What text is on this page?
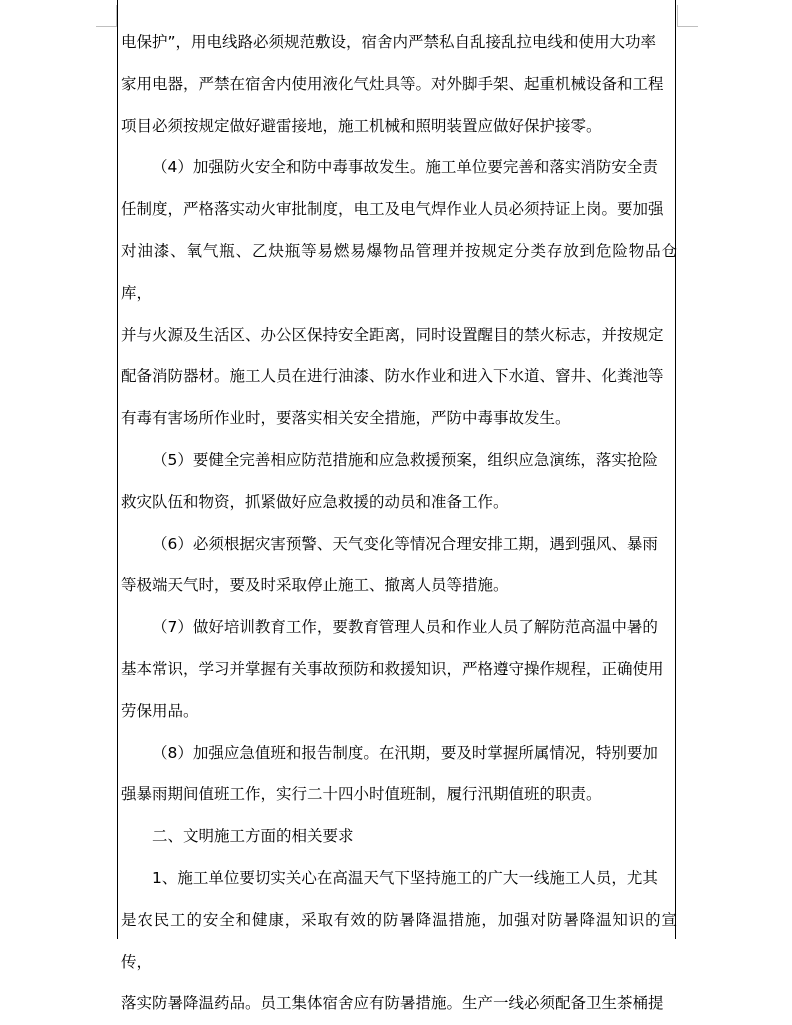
电保护”，用电线路必须规范敷设，宿舍内严禁私自乱接乱拉电线和使用大功率
家用电器，严禁在宿舍内使用液化气灶具等。对外脚手架、起重机械设备和工程
项目必须按规定做好避雷接地，施工机械和照明装置应做好保护接零。

（4）加强防火安全和防中毒事故发生。施工单位要完善和落实消防安全责
任制度，严格落实动火审批制度，电工及电气焊作业人员必须持证上岗。要加强
对油漆、氧气瓶、乙炔瓶等易燃易爆物品管理并按规定分类存放到危险物品仓库，
并与火源及生活区、办公区保持安全距离，同时设置醒目的禁火标志，并按规定
配备消防器材。施工人员在进行油漆、防水作业和进入下水道、窨井、化粪池等
有毒有害场所作业时，要落实相关安全措施，严防中毒事故发生。

（5）要健全完善相应防范措施和应急救援预案，组织应急演练，落实抢险
救灾队伍和物资，抓紧做好应急救援的动员和准备工作。

（6）必须根据灾害预警、天气变化等情况合理安排工期，遇到强风、暴雨
等极端天气时，要及时采取停止施工、撤离人员等措施。

（7）做好培训教育工作，要教育管理人员和作业人员了解防范高温中暑的
基本常识，学习并掌握有关事故预防和救援知识，严格遵守操作规程，正确使用
劳保用品。

（8）加强应急值班和报告制度。在汛期，要及时掌握所属情况，特别要加
强暴雨期间值班工作，实行二十四小时值班制，履行汛期值班的职责。

二、文明施工方面的相关要求

1、施工单位要切实关心在高温天气下坚持施工的广大一线施工人员，尤其
是农民工的安全和健康，采取有效的防暑降温措施，加强对防暑降温知识的宣传，
落实防暑降温药品。员工集体宿舍应有防暑措施。生产一线必须配备卫生茶桶提
